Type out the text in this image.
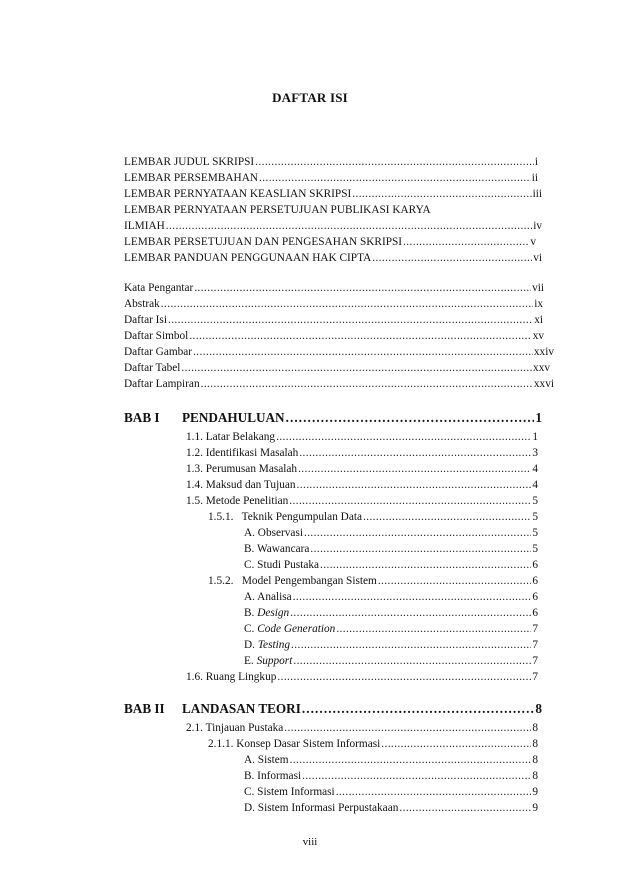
DAFTAR ISI
LEMBAR JUDUL SKRIPSI .....	i
LEMBAR PERSEMBAHAN .....	ii
LEMBAR PERNYATAAN KEASLIAN SKRIPSI .....	iii
LEMBAR PERNYATAAN PERSETUJUAN PUBLIKASI KARYA
ILMIAH .....	iv
LEMBAR PERSETUJUAN DAN PENGESAHAN SKRIPSI .....	v
LEMBAR PANDUAN PENGGUNAAN HAK CIPTA .....	vi
Kata Pengantar .....	vii
Abstrak .....	ix
Daftar Isi .....	xi
Daftar Simbol .....	xv
Daftar Gambar .....	xxiv
Daftar Tabel .....	xxv
Daftar Lampiran .....	xxvi
BAB I	PENDAHULUAN .....	1
1.1. Latar Belakang .....	1
1.2. Identifikasi Masalah .....	3
1.3. Perumusan Masalah .....	4
1.4. Maksud dan Tujuan .....	4
1.5. Metode Penelitian .....	5
1.5.1.   Teknik Pengumpulan Data .....	5
A. Observasi .....	5
B. Wawancara .....	5
C. Studi Pustaka .....	6
1.5.2.   Model Pengembangan Sistem .....	6
A. Analisa .....	6
B. Design .....	6
C. Code Generation .....	7
D. Testing .....	7
E. Support .....	7
1.6. Ruang Lingkup .....	7
BAB II	LANDASAN TEORI .....	8
2.1. Tinjauan Pustaka .....	8
2.1.1. Konsep Dasar Sistem Informasi .....	8
A. Sistem .....	8
B. Informasi .....	8
C. Sistem Informasi .....	9
D. Sistem Informasi Perpustakaan .....	9
viii
